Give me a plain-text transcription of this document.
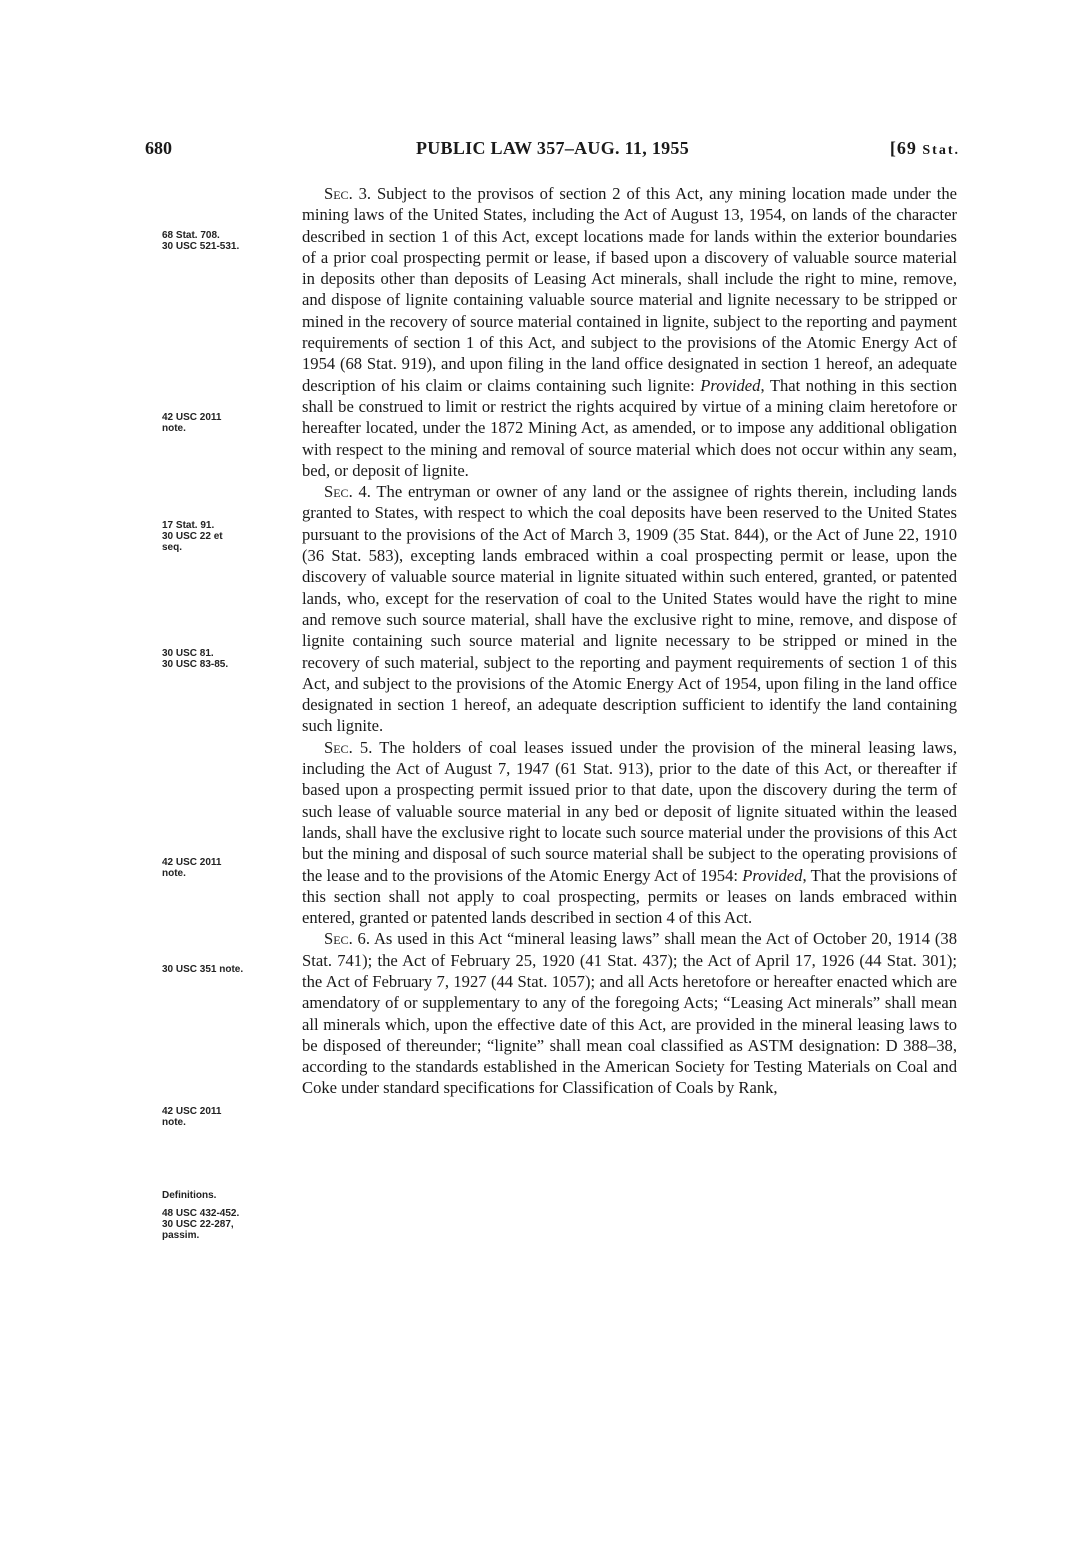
680	PUBLIC LAW 357–AUG. 11, 1955	[69 Stat.
68 Stat. 708.
30 USC 521-531.
42 USC 2011
note.
17 Stat. 91.
30 USC 22 et
seq.
30 USC 81.
30 USC 83-85.
42 USC 2011
note.
30 USC 351 note.
42 USC 2011
note.
Definitions.
48 USC 432-452.
30 USC 22-287,
passim.

Sec. 3. Subject to the provisos of section 2 of this Act, any mining location made under the mining laws of the United States, including the Act of August 13, 1954, on lands of the character described in section 1 of this Act, except locations made for lands within the exterior boundaries of a prior coal prospecting permit or lease, if based upon a discovery of valuable source material in deposits other than deposits of Leasing Act minerals, shall include the right to mine, remove, and dispose of lignite containing valuable source material and lignite necessary to be stripped or mined in the recovery of source material contained in lignite, subject to the reporting and payment requirements of section 1 of this Act, and subject to the provisions of the Atomic Energy Act of 1954 (68 Stat. 919), and upon filing in the land office designated in section 1 hereof, an adequate description of his claim or claims containing such lignite: Provided, That nothing in this section shall be construed to limit or restrict the rights acquired by virtue of a mining claim heretofore or hereafter located, under the 1872 Mining Act, as amended, or to impose any additional obligation with respect to the mining and removal of source material which does not occur within any seam, bed, or deposit of lignite.

Sec. 4. The entryman or owner of any land or the assignee of rights therein, including lands granted to States, with respect to which the coal deposits have been reserved to the United States pursuant to the provisions of the Act of March 3, 1909 (35 Stat. 844), or the Act of June 22, 1910 (36 Stat. 583), excepting lands embraced within a coal prospecting permit or lease, upon the discovery of valuable source material in lignite situated within such entered, granted, or patented lands, who, except for the reservation of coal to the United States would have the right to mine and remove such source material, shall have the exclusive right to mine, remove, and dispose of lignite containing such source material and lignite necessary to be stripped or mined in the recovery of such material, subject to the reporting and payment requirements of section 1 of this Act, and subject to the provisions of the Atomic Energy Act of 1954, upon filing in the land office designated in section 1 hereof, an adequate description sufficient to identify the land containing such lignite.

Sec. 5. The holders of coal leases issued under the provision of the mineral leasing laws, including the Act of August 7, 1947 (61 Stat. 913), prior to the date of this Act, or thereafter if based upon a prospecting permit issued prior to that date, upon the discovery during the term of such lease of valuable source material in any bed or deposit of lignite situated within the leased lands, shall have the exclusive right to locate such source material under the provisions of this Act but the mining and disposal of such source material shall be subject to the operating provisions of the lease and to the provisions of the Atomic Energy Act of 1954: Provided, That the provisions of this section shall not apply to coal prospecting, permits or leases on lands embraced within entered, granted or patented lands described in section 4 of this Act.

Sec. 6. As used in this Act “mineral leasing laws” shall mean the Act of October 20, 1914 (38 Stat. 741); the Act of February 25, 1920 (41 Stat. 437); the Act of April 17, 1926 (44 Stat. 301); the Act of February 7, 1927 (44 Stat. 1057); and all Acts heretofore or hereafter enacted which are amendatory of or supplementary to any of the foregoing Acts; “Leasing Act minerals” shall mean all minerals which, upon the effective date of this Act, are provided in the mineral leasing laws to be disposed of thereunder; “lignite” shall mean coal classified as ASTM designation: D 388–38, according to the standards established in the American Society for Testing Materials on Coal and Coke under standard specifications for Classification of Coals by Rank,
